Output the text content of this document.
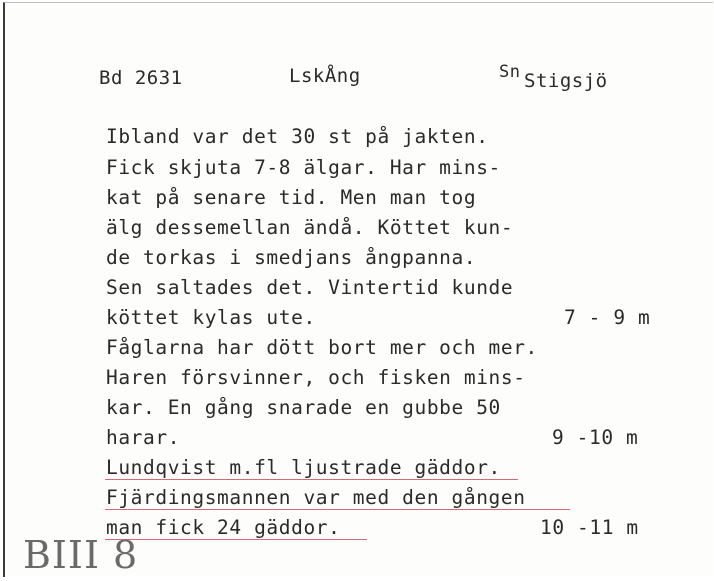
Bd 2631	LskÅng	Sn Stigsjö
Ibland var det 30 st på jakten.
Fick skjuta 7-8 älgar. Har mins-
kat på senare tid. Men man tog
älg dessemellan ändå. Köttet kun-
de torkas i smedjans ångpanna.
Sen saltades det. Vintertid kunde
köttet kylas ute.
Fåglarna har dött bort mer och mer.
Haren försvinner, och fisken mins-
kar. En gång snarade en gubbe 50
harar.
Lundqvist m.fl ljustrade gäddor.
Fjärdingsmannen var med den gången
man fick 24 gäddor.
7 - 9 m
9 -10 m
10 -11 m
BIII 8
